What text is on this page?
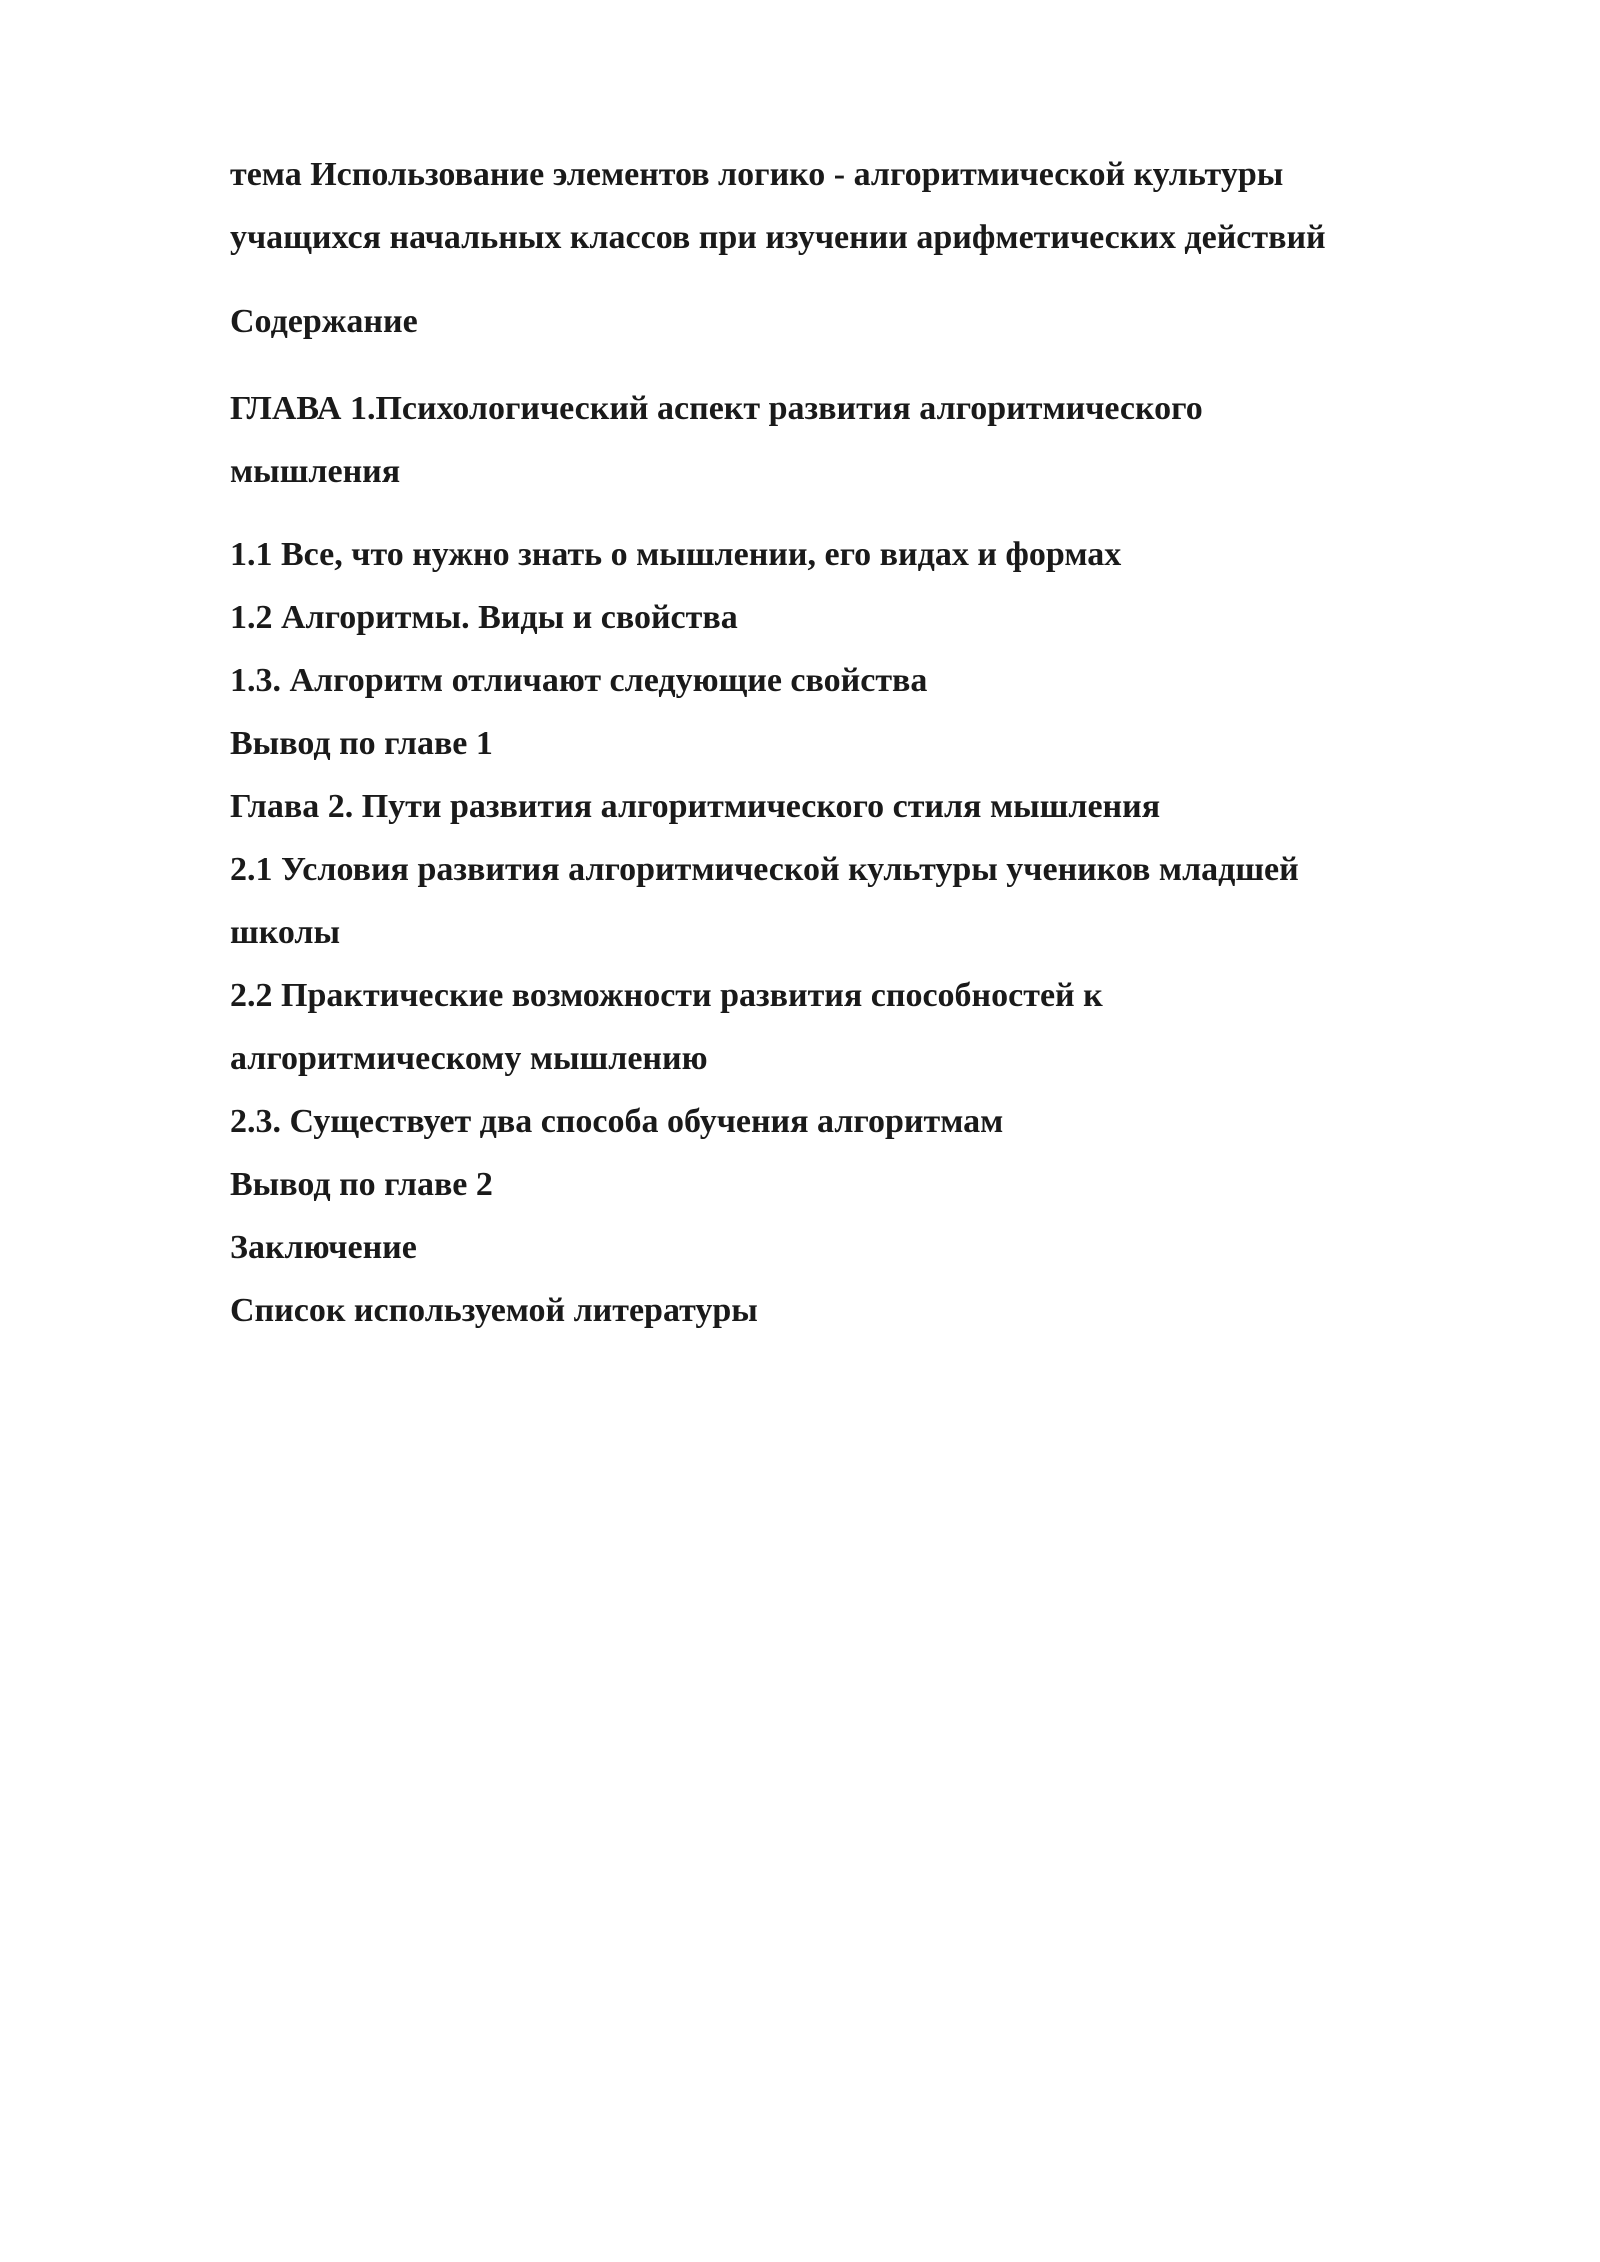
тема Использование элементов логико - алгоритмической культуры
учащихся начальных классов при изучении арифметических действий
Содержание
ГЛАВА 1.Психологический аспект развития алгоритмического
мышления
1.1 Все, что нужно знать о мышлении, его видах и формах
1.2 Алгоритмы. Виды и свойства
1.3. Алгоритм отличают следующие свойства
Вывод по главе 1
Глава 2. Пути развития алгоритмического стиля мышления
2.1 Условия развития алгоритмической культуры учеников младшей
школы
2.2 Практические возможности развития способностей к
алгоритмическому мышлению
2.3. Существует два способа обучения алгоритмам
Вывод по главе 2
Заключение
Список используемой литературы
